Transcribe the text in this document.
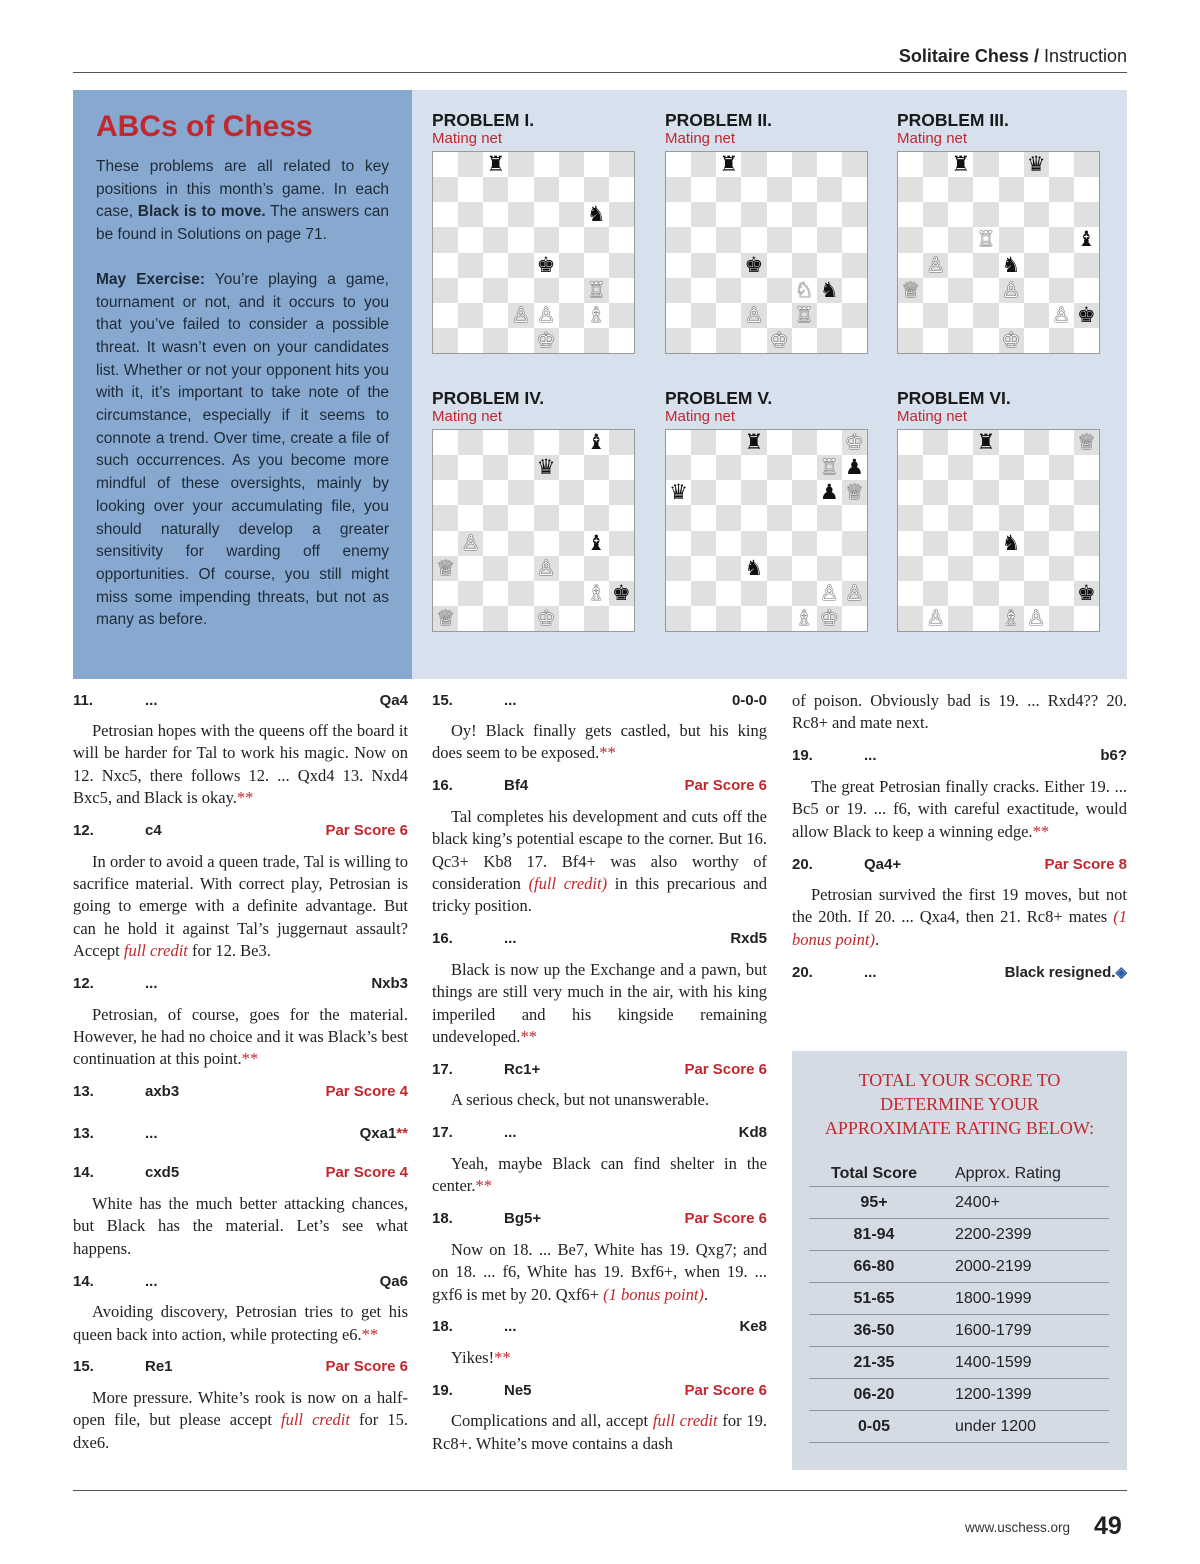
Solitaire Chess / Instruction
ABCs of Chess

These problems are all related to key positions in this month’s game. In each case, Black is to move. The answers can be found in Solutions on page 71.

May Exercise: You’re playing a game, tournament or not, and it occurs to you that you’ve failed to consider a possible threat. It wasn’t even on your candidates list. Whether or not your opponent hits you with it, it’s important to take note of the circumstance, especially if it seems to connote a trend. Over time, create a file of such occurrences. As you become more mindful of these oversights, mainly by looking over your accumulating file, you should naturally develop a greater sensitivity for warding off enemy opportunities. Of course, you still might miss some impending threats, but not as many as before.

PROBLEM I.
Mating net
♜
♞
♚
♖
♙ ♙ ♗
♔
PROBLEM II.
Mating net
♜
♚
♘ ♞
♙ ♖
♔
PROBLEM III.
Mating net
♜	♛
♖	♝
♙	♞
♕	♙
♙ ♚
♔
PROBLEM IV.
Mating net
♝
♛
♙	♝
♕	♙
♗ ♚
♕	♔
PROBLEM V.
Mating net
♜	♔
♖ ♟
♛	♟ ♕
♞
♙ ♙
♗ ♔
PROBLEM VI.
Mating net
♜	♕
♞
♚
♙	♗ ♙
11.	...	Qa4

Petrosian hopes with the queens off the board it will be harder for Tal to work his magic. Now on 12. Nxc5, there follows 12. ... Qxd4 13. Nxd4 Bxc5, and Black is okay.**

12.	c4	Par Score 6

In order to avoid a queen trade, Tal is willing to sacrifice material. With correct play, Petrosian is going to emerge with a definite advantage. But can he hold it against Tal’s juggernaut assault? Accept full credit for 12. Be3.

12.	...	Nxb3

Petrosian, of course, goes for the material. However, he had no choice and it was Black’s best continuation at this point.**

13.	axb3	Par Score 4
13.	...	Qxa1**
14.	cxd5	Par Score 4

White has the much better attacking chances, but Black has the material. Let’s see what happens.

14.	...	Qa6

Avoiding discovery, Petrosian tries to get his queen back into action, while protecting e6.**

15.	Re1	Par Score 6

More pressure. White’s rook is now on a half-open file, but please accept full credit for 15. dxe6.

15.	...	0-0-0

Oy! Black finally gets castled, but his king does seem to be exposed.**

16.	Bf4	Par Score 6

Tal completes his development and cuts off the black king’s potential escape to the corner. But 16. Qc3+ Kb8 17. Bf4+ was also worthy of consideration (full credit) in this precarious and tricky position.

16.	...	Rxd5

Black is now up the Exchange and a pawn, but things are still very much in the air, with his king imperiled and his kingside remaining undeveloped.**

17.	Rc1+	Par Score 6

A serious check, but not unanswerable.

17.	...	Kd8

Yeah, maybe Black can find shelter in the center.**

18.	Bg5+	Par Score 6

Now on 18. ... Be7, White has 19. Qxg7; and on 18. ... f6, White has 19. Bxf6+, when 19. ... gxf6 is met by 20. Qxf6+ (1 bonus point).

18.	...	Ke8

Yikes!**

19.	Ne5	Par Score 6

Complications and all, accept full credit for 19. Rc8+. White’s move contains a dash

of poison. Obviously bad is 19. ... Rxd4?? 20. Rc8+ and mate next.

19.	...	b6?

The great Petrosian finally cracks. Either 19. ... Bc5 or 19. ... f6, with careful exactitude, would allow Black to keep a winning edge.**

20.	Qa4+	Par Score 8

Petrosian survived the first 19 moves, but not the 20th. If 20. ... Qxa4, then 21. Rc8+ mates (1 bonus point).

20.	...	Black resigned.◈
TOTAL YOUR SCORE TO
DETERMINE YOUR
APPROXIMATE RATING BELOW:
Total Score	Approx. Rating
95+	2400+
81-94	2200-2399
66-80	2000-2199
51-65	1800-1999
36-50	1600-1799
21-35	1400-1599
06-20	1200-1399
0-05	under 1200
www.uschess.org 49
